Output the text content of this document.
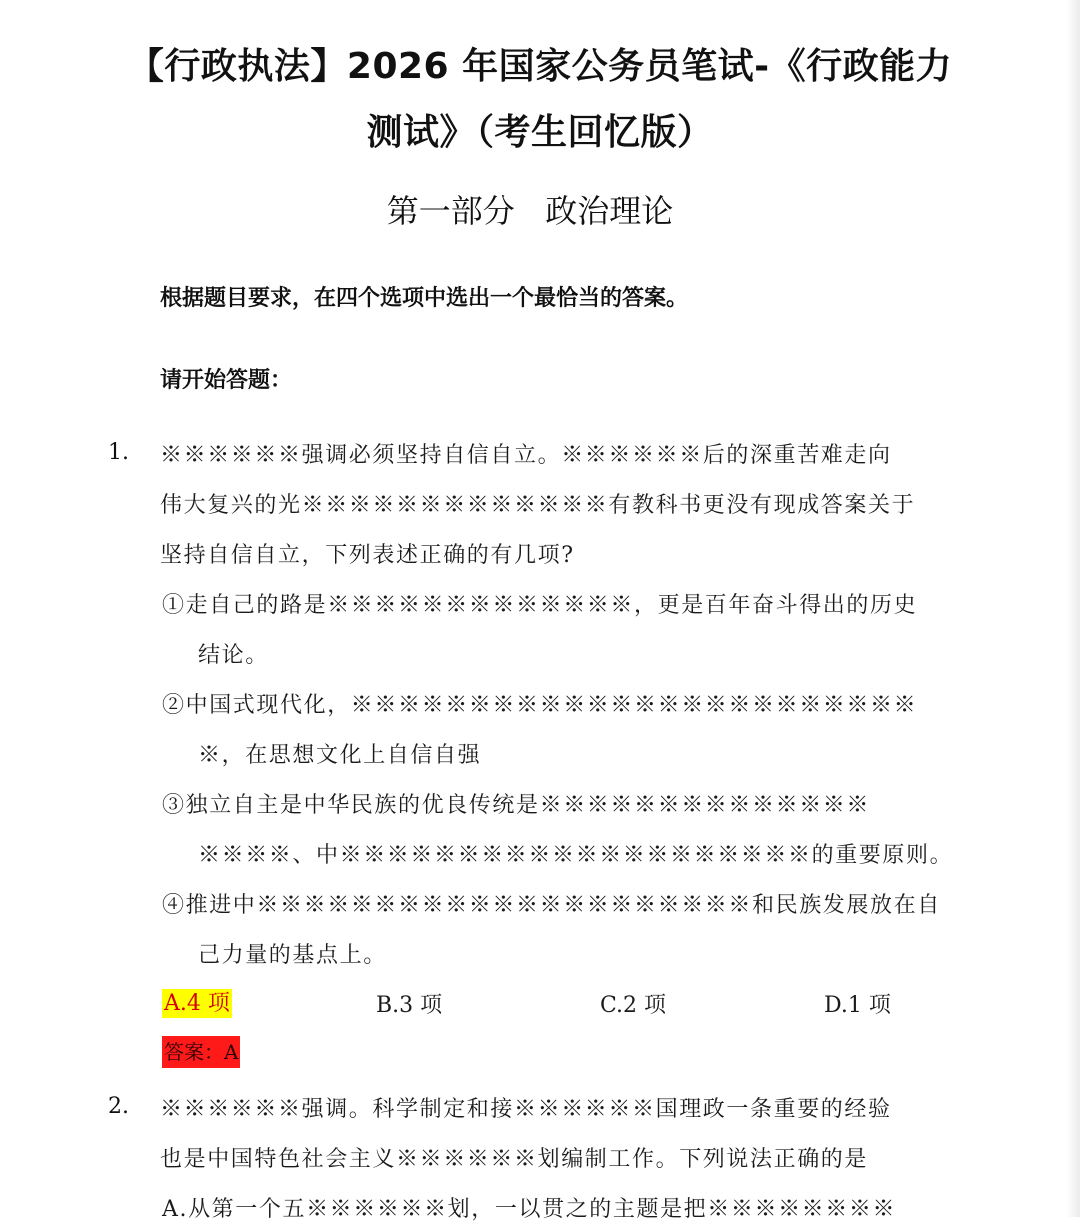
【行政执法】2026 年国家公务员笔试-《行政能力
测试》（考生回忆版）
第一部分   政治理论
根据题目要求，在四个选项中选出一个最恰当的答案。
请开始答题：
1. ※※※※※※强调必须坚持自信自立。※※※※※※后的深重苦难走向
伟大复兴的光※※※※※※※※※※※※※有教科书更没有现成答案关于
坚持自信自立，下列表述正确的有几项?
①走自己的路是※※※※※※※※※※※※※，更是百年奋斗得出的历史
结论。
②中国式现代化，※※※※※※※※※※※※※※※※※※※※※※※※
※，在思想文化上自信自强
③独立自主是中华民族的优良传统是※※※※※※※※※※※※※※
※※※※、中※※※※※※※※※※※※※※※※※※※※的重要原则。
④推进中※※※※※※※※※※※※※※※※※※※※※和民族发展放在自
己力量的基点上。
A.4 项	B.3 项	C.2 项	D.1 项
答案：A
2. ※※※※※※强调。科学制定和接※※※※※※国理政一条重要的经验
也是中国特色社会主义※※※※※※划编制工作。下列说法正确的是
A.从第一个五※※※※※※划，一以贯之的主题是把※※※※※※※※
